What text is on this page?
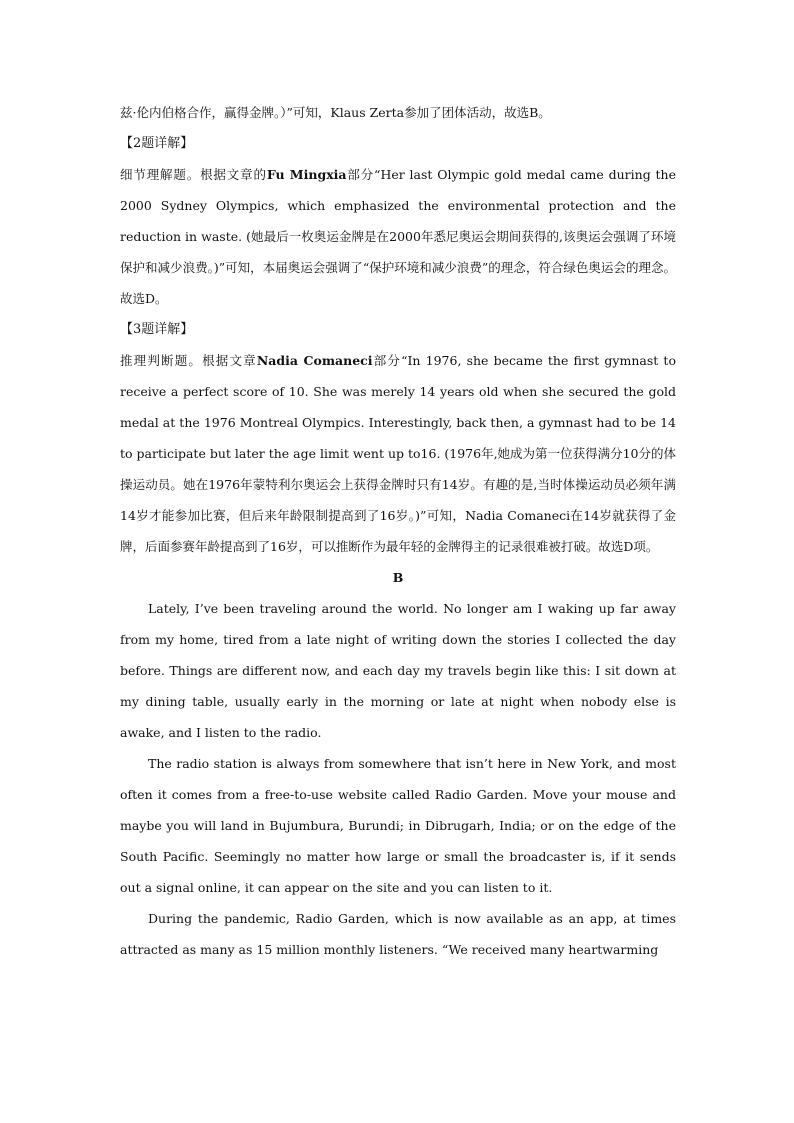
兹·伦内伯格合作，赢得金牌。）”可知，Klaus Zerta参加了团体活动，故选B。

【2题详解】

细节理解题。根据文章的Fu Mingxia部分“Her last Olympic gold medal came during the 2000 Sydney Olympics, which emphasized the environmental protection and the reduction in waste. (她最后一枚奥运金牌是在2000年悉尼奥运会期间获得的,该奥运会强调了环境保护和减少浪费。)”可知，本届奥运会强调了“保护环境和减少浪费”的理念，符合绿色奥运会的理念。故选D。

【3题详解】

推理判断题。根据文章Nadia Comaneci部分“In 1976, she became the first gymnast to receive a perfect score of 10. She was merely 14 years old when she secured the gold medal at the 1976 Montreal Olympics. Interestingly, back then, a gymnast had to be 14 to participate but later the age limit went up to16. (1976年,她成为第一位获得满分10分的体操运动员。她在1976年蒙特利尔奥运会上获得金牌时只有14岁。有趣的是,当时体操运动员必须年满14岁才能参加比赛，但后来年龄限制提高到了16岁。)”可知，Nadia Comaneci在14岁就获得了金牌，后面参赛年龄提高到了16岁，可以推断作为最年轻的金牌得主的记录很难被打破。故选D项。

B

Lately, I’ve been traveling around the world. No longer am I waking up far away from my home, tired from a late night of writing down the stories I collected the day before. Things are different now, and each day my travels begin like this: I sit down at my dining table, usually early in the morning or late at night when nobody else is awake, and I listen to the radio.

The radio station is always from somewhere that isn’t here in New York, and most often it comes from a free-to-use website called Radio Garden. Move your mouse and maybe you will land in Bujumbura, Burundi; in Dibrugarh, India; or on the edge of the South Pacific. Seemingly no matter how large or small the broadcaster is, if it sends out a signal online, it can appear on the site and you can listen to it.

During the pandemic, Radio Garden, which is now available as an app, at times attracted as many as 15 million monthly listeners. “We received many heartwarming
